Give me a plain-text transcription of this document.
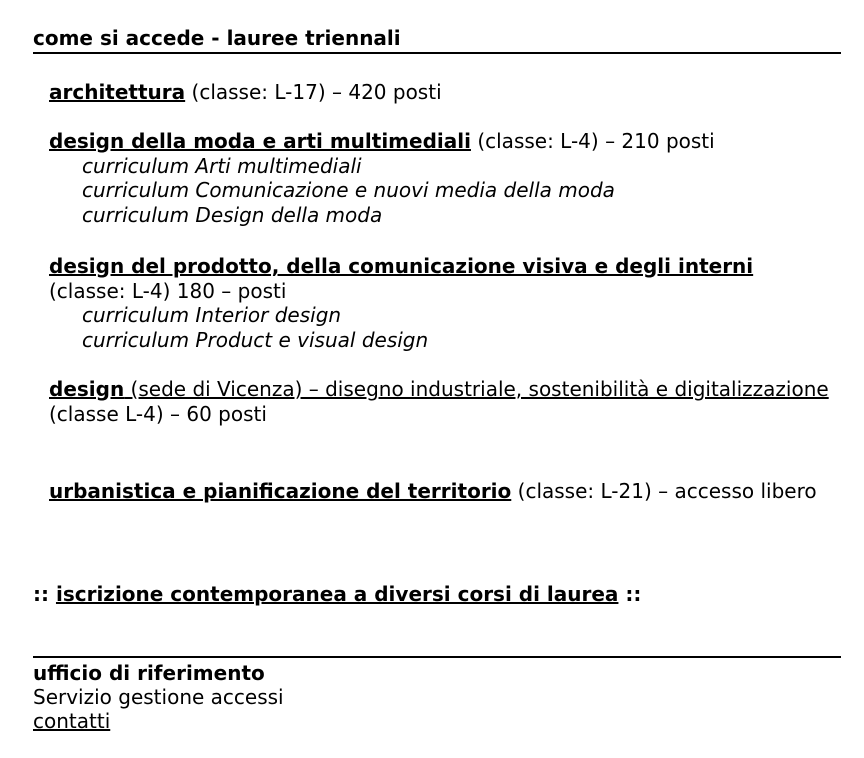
come si accede - lauree triennali
architettura (classe: L-17) – 420 posti
design della moda e arti multimediali (classe: L-4) – 210 posti
curriculum Arti multimediali
curriculum Comunicazione e nuovi media della moda
curriculum Design della moda
design del prodotto, della comunicazione visiva e degli interni
(classe: L-4) 180 – posti
curriculum Interior design
curriculum Product e visual design
design (sede di Vicenza) – disegno industriale, sostenibilità e digitalizzazione
(classe L-4) – 60 posti
urbanistica e pianificazione del territorio (classe: L-21) – accesso libero
:: iscrizione contemporanea a diversi corsi di laurea ::
ufficio di riferimento
Servizio gestione accessi
contatti
